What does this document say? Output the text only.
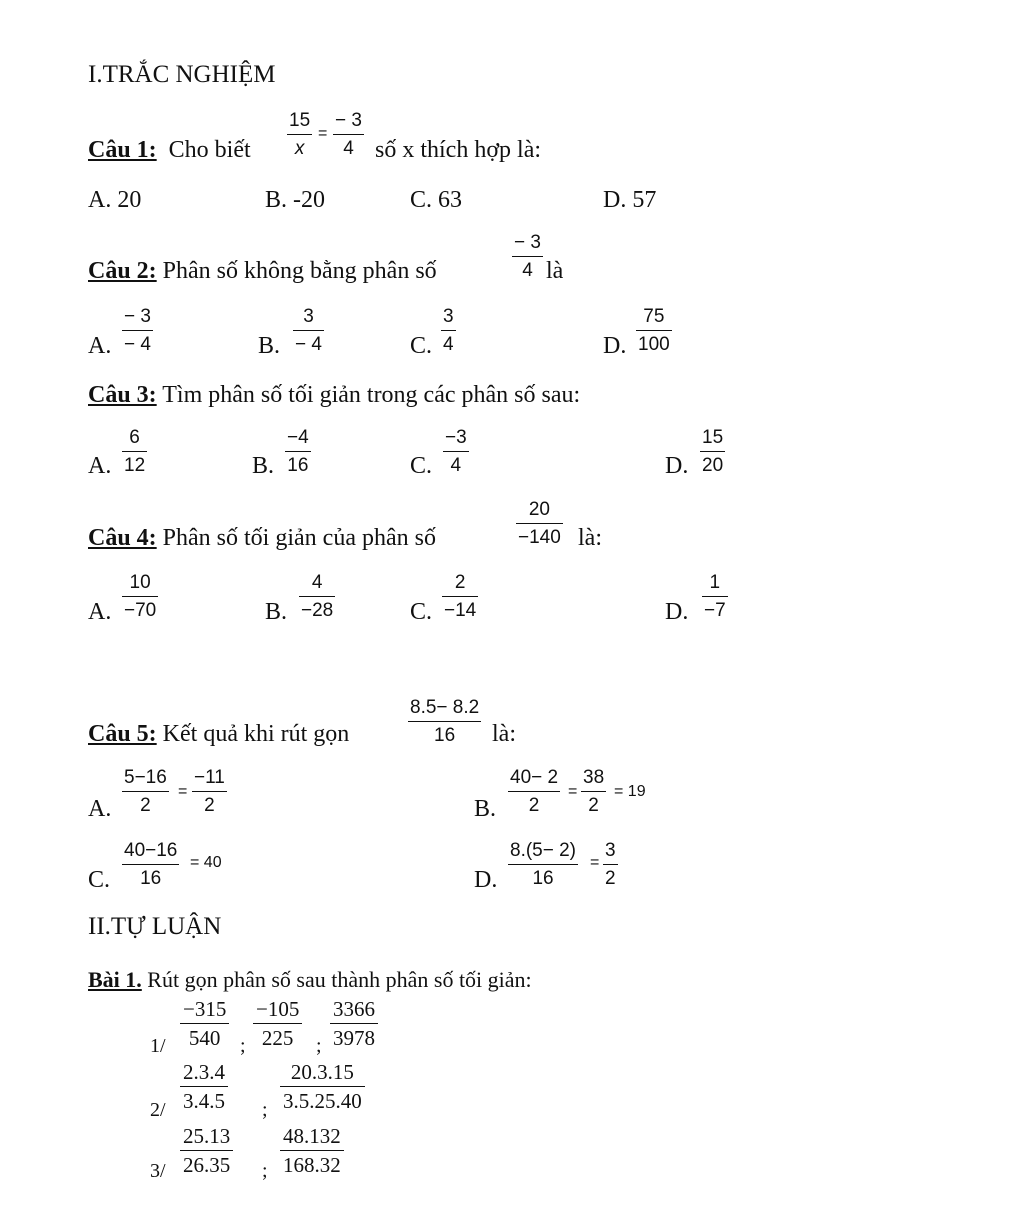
I.TRẮC NGHIỆM
Câu 1: Cho biết
15
x
=
− 3
4 số x thích hợp là:
A. 20	B. -20	C. 63	D. 57
Câu 2: Phân số không bằng phân số
− 3
4 là
A.
− 3
− 4	B.
3
− 4	C.
3
4	D.
75
100
Câu 3: Tìm phân số tối giản trong các phân số sau:
A.
6
12	B.
−4
16	C.
−3
4	D.
15
20
Câu 4: Phân số tối giản của phân số
20
−140 là:
A.
10
−70	B.
4
−28	C.
2
−14	D.
1
−7
Câu 5: Kết quả khi rút gọn
8.5− 8.2
16	là:
A.
5−16
2
=
−11
2	B.
40− 2
2
=
38
2
= 19
C.
40−16
16
= 40
D.
8.(5− 2)
16
=
3
2
II.TỰ LUẬN
Bài 1. Rút gọn phân số sau thành phân số tối giản:
1/
−315
540 ;
−105
225	;
3366
3978
2/
2.3.4
3.4.5 ;
20.3.15
3.5.25.40
3/
25.13
26.35 ;
48.132
168.32
